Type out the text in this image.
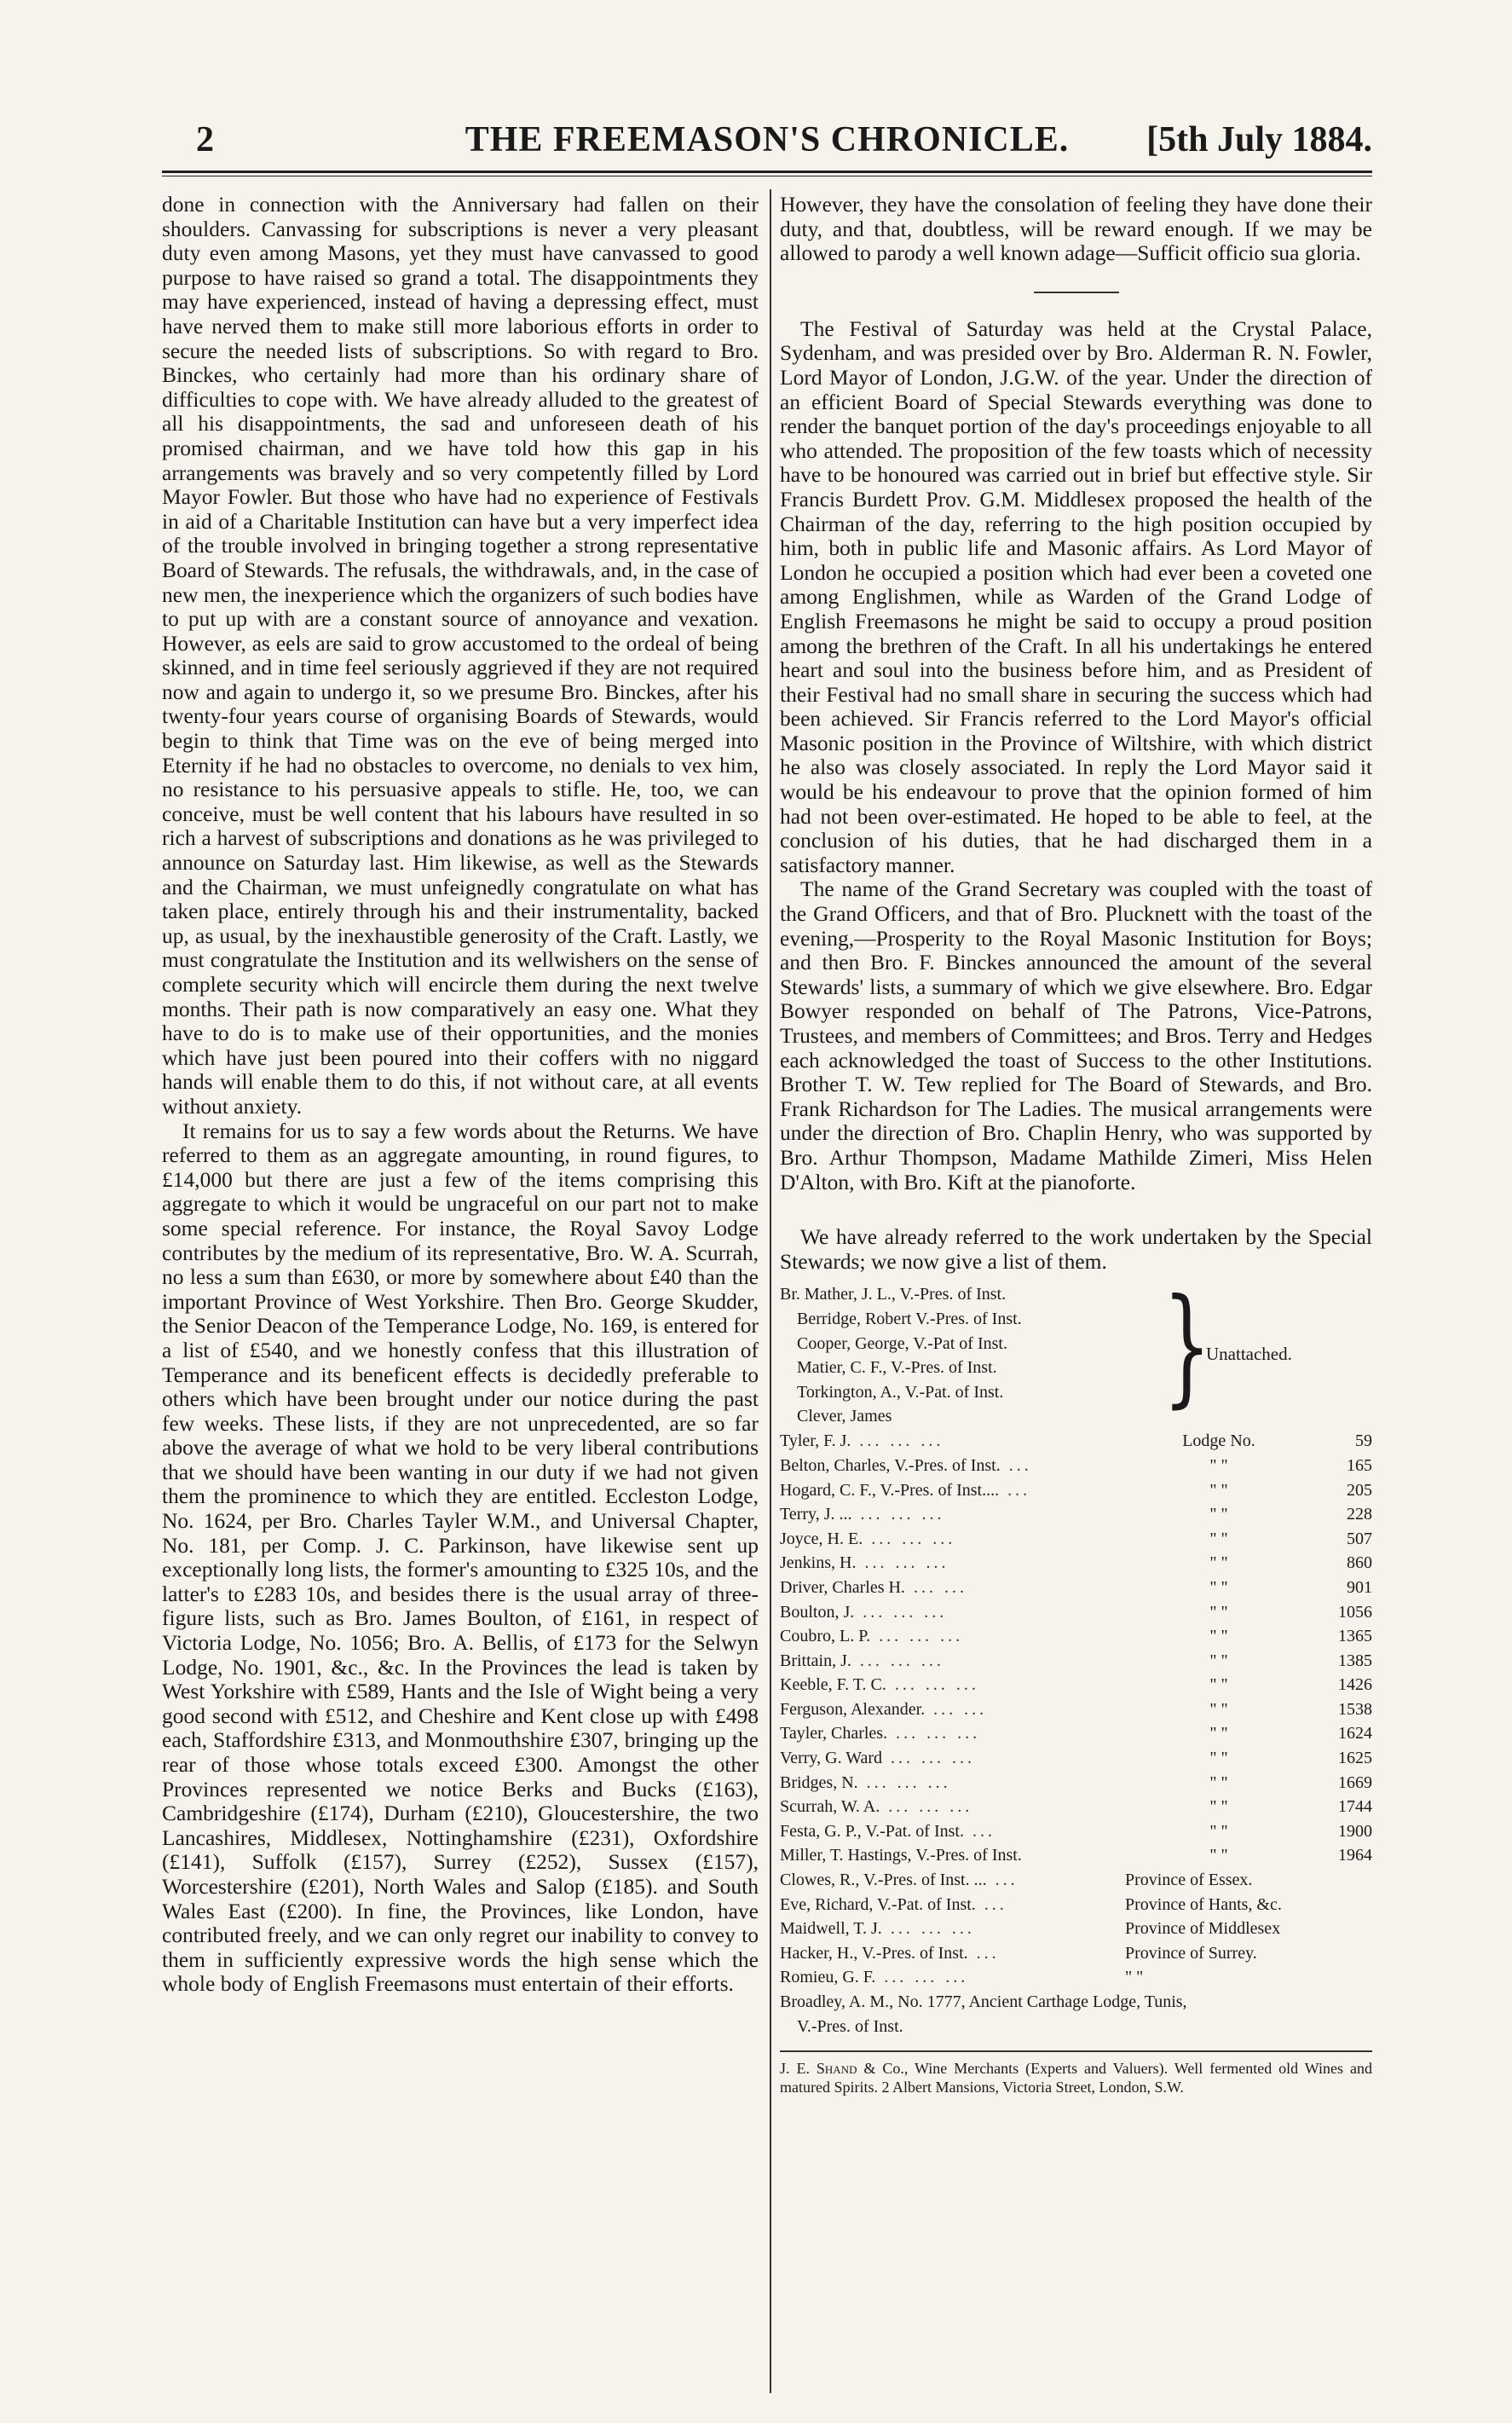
2	THE FREEMASON'S CHRONICLE.	[5th July 1884.

done in connection with the Anniversary had fallen on their shoulders. Canvassing for subscriptions is never a very pleasant duty even among Masons, yet they must have canvassed to good purpose to have raised so grand a total. The disappointments they may have experienced, instead of having a depressing effect, must have nerved them to make still more laborious efforts in order to secure the needed lists of subscriptions. So with regard to Bro. Binckes, who certainly had more than his ordinary share of difficulties to cope with. We have already alluded to the greatest of all his disappointments, the sad and unforeseen death of his promised chairman, and we have told how this gap in his arrangements was bravely and so very competently filled by Lord Mayor Fowler. But those who have had no experience of Festivals in aid of a Charitable Institution can have but a very imperfect idea of the trouble involved in bringing together a strong representative Board of Stewards. The refusals, the withdrawals, and, in the case of new men, the inexperience which the organizers of such bodies have to put up with are a constant source of annoyance and vexation. However, as eels are said to grow accustomed to the ordeal of being skinned, and in time feel seriously aggrieved if they are not required now and again to undergo it, so we presume Bro. Binckes, after his twenty-four years course of organising Boards of Stewards, would begin to think that Time was on the eve of being merged into Eternity if he had no obstacles to overcome, no denials to vex him, no resistance to his persuasive appeals to stifle. He, too, we can conceive, must be well content that his labours have resulted in so rich a harvest of subscriptions and donations as he was privileged to announce on Saturday last. Him likewise, as well as the Stewards and the Chairman, we must unfeignedly congratulate on what has taken place, entirely through his and their instrumentality, backed up, as usual, by the inexhaustible generosity of the Craft. Lastly, we must congratulate the Institution and its wellwishers on the sense of complete security which will encircle them during the next twelve months. Their path is now comparatively an easy one. What they have to do is to make use of their opportunities, and the monies which have just been poured into their coffers with no niggard hands will enable them to do this, if not without care, at all events without anxiety.

It remains for us to say a few words about the Returns. We have referred to them as an aggregate amounting, in round figures, to £14,000 but there are just a few of the items comprising this aggregate to which it would be ungraceful on our part not to make some special reference. For instance, the Royal Savoy Lodge contributes by the medium of its representative, Bro. W. A. Scurrah, no less a sum than £630, or more by somewhere about £40 than the important Province of West Yorkshire. Then Bro. George Skudder, the Senior Deacon of the Temperance Lodge, No. 169, is entered for a list of £540, and we honestly confess that this illustration of Temperance and its beneficent effects is decidedly preferable to others which have been brought under our notice during the past few weeks. These lists, if they are not unprecedented, are so far above the average of what we hold to be very liberal contributions that we should have been wanting in our duty if we had not given them the prominence to which they are entitled. Eccleston Lodge, No. 1624, per Bro. Charles Tayler W.M., and Universal Chapter, No. 181, per Comp. J. C. Parkinson, have likewise sent up exceptionally long lists, the former's amounting to £325 10s, and the latter's to £283 10s, and besides there is the usual array of three-figure lists, such as Bro. James Boulton, of £161, in respect of Victoria Lodge, No. 1056; Bro. A. Bellis, of £173 for the Selwyn Lodge, No. 1901, &c., &c. In the Provinces the lead is taken by West Yorkshire with £589, Hants and the Isle of Wight being a very good second with £512, and Cheshire and Kent close up with £498 each, Staffordshire £313, and Monmouthshire £307, bringing up the rear of those whose totals exceed £300. Amongst the other Provinces represented we notice Berks and Bucks (£163), Cambridgeshire (£174), Durham (£210), Gloucestershire, the two Lancashires, Middlesex, Nottinghamshire (£231), Oxfordshire (£141), Suffolk (£157), Surrey (£252), Sussex (£157), Worcestershire (£201), North Wales and Salop (£185). and South Wales East (£200). In fine, the Provinces, like London, have contributed freely, and we can only regret our inability to convey to them in sufficiently expressive words the high sense which the whole body of English Freemasons must entertain of their efforts.

However, they have the consolation of feeling they have done their duty, and that, doubtless, will be reward enough. If we may be allowed to parody a well known adage—Sufficit officio sua gloria.

The Festival of Saturday was held at the Crystal Palace, Sydenham, and was presided over by Bro. Alderman R. N. Fowler, Lord Mayor of London, J.G.W. of the year. Under the direction of an efficient Board of Special Stewards everything was done to render the banquet portion of the day's proceedings enjoyable to all who attended. The proposition of the few toasts which of necessity have to be honoured was carried out in brief but effective style. Sir Francis Burdett Prov. G.M. Middlesex proposed the health of the Chairman of the day, referring to the high position occupied by him, both in public life and Masonic affairs. As Lord Mayor of London he occupied a position which had ever been a coveted one among Englishmen, while as Warden of the Grand Lodge of English Freemasons he might be said to occupy a proud position among the brethren of the Craft. In all his undertakings he entered heart and soul into the business before him, and as President of their Festival had no small share in securing the success which had been achieved. Sir Francis referred to the Lord Mayor's official Masonic position in the Province of Wiltshire, with which district he also was closely associated. In reply the Lord Mayor said it would be his endeavour to prove that the opinion formed of him had not been over-estimated. He hoped to be able to feel, at the conclusion of his duties, that he had discharged them in a satisfactory manner.

The name of the Grand Secretary was coupled with the toast of the Grand Officers, and that of Bro. Plucknett with the toast of the evening,—Prosperity to the Royal Masonic Institution for Boys; and then Bro. F. Binckes announced the amount of the several Stewards' lists, a summary of which we give elsewhere. Bro. Edgar Bowyer responded on behalf of The Patrons, Vice-Patrons, Trustees, and members of Committees; and Bros. Terry and Hedges each acknowledged the toast of Success to the other Institutions. Brother T. W. Tew replied for The Board of Stewards, and Bro. Frank Richardson for The Ladies. The musical arrangements were under the direction of Bro. Chaplin Henry, who was supported by Bro. Arthur Thompson, Madame Mathilde Zimeri, Miss Helen D'Alton, with Bro. Kift at the pianoforte.

We have already referred to the work undertaken by the Special Stewards; we now give a list of them.

Br. Mather, J. L., V.-Pres. of Inst.
Berridge, Robert V.-Pres. of Inst.
Cooper, George, V.-Pat of Inst.
Matier, C. F., V.-Pres. of Inst.
Torkington, A., V.-Pat. of Inst.
Clever, James	}
Unattached.
Tyler, F. J. ... ... ...	Lodge No.	59
Belton, Charles, V.-Pres. of Inst. ...	" "	165
Hogard, C. F., V.-Pres. of Inst.... ...	" "	205
Terry, J. ... ... ... ...	" "	228
Joyce, H. E. ... ... ...	" "	507
Jenkins, H. ... ... ...	" "	860
Driver, Charles H. ... ...	" "	901
Boulton, J. ... ... ...	" "	1056
Coubro, L. P. ... ... ...	" "	1365
Brittain, J. ... ... ...	" "	1385
Keeble, F. T. C. ... ... ...	" "	1426
Ferguson, Alexander. ... ...	" "	1538
Tayler, Charles. ... ... ...	" "	1624
Verry, G. Ward ... ... ...	" "	1625
Bridges, N. ... ... ...	" "	1669
Scurrah, W. A. ... ... ...	" "	1744
Festa, G. P., V.-Pat. of Inst. ...	" "	1900
Miller, T. Hastings, V.-Pres. of Inst.	" "	1964
Clowes, R., V.-Pres. of Inst. ... ...	Province of Essex.
Eve, Richard, V.-Pat. of Inst. ...	Province of Hants, &c.
Maidwell, T. J. ... ... ...	Province of Middlesex
Hacker, H., V.-Pres. of Inst. ...	Province of Surrey.
Romieu, G. F. ... ... ...	" "
Broadley, A. M., No. 1777, Ancient Carthage Lodge, Tunis,
V.-Pres. of Inst.
J. E. Shand & Co., Wine Merchants (Experts and Valuers). Well fermented old Wines and matured Spirits. 2 Albert Mansions, Victoria Street, London, S.W.
